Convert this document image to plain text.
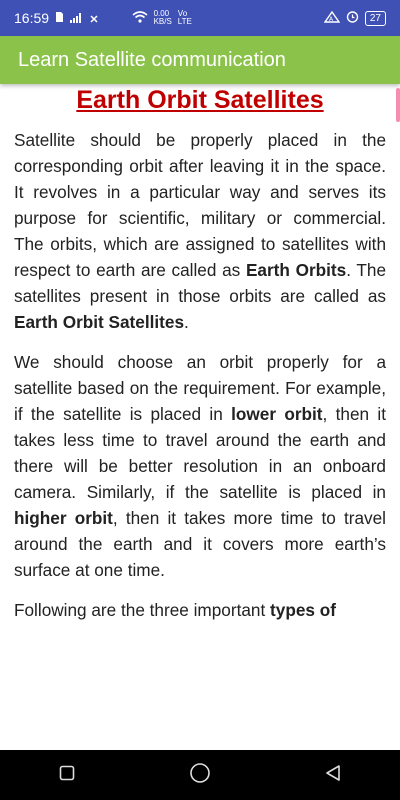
16:59	0.00
KB/S
Vo
LTE	A	27
Learn Satellite communication
Earth Orbit Satellites

Satellite should be properly placed in the corresponding orbit after leaving it in the space. It revolves in a particular way and serves its purpose for scientific, military or commercial. The orbits, which are assigned to satellites with respect to earth are called as Earth Orbits. The satellites present in those orbits are called as Earth Orbit Satellites.

We should choose an orbit properly for a satellite based on the requirement. For example, if the satellite is placed in lower orbit, then it takes less time to travel around the earth and there will be better resolution in an onboard camera. Similarly, if the satellite is placed in higher orbit, then it takes more time to travel around the earth and it covers more earth’s surface at one time.

Following are the three important types of
